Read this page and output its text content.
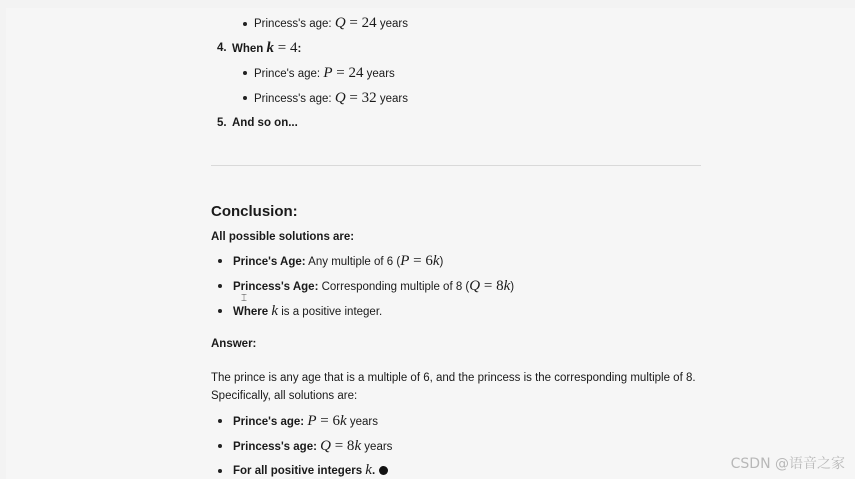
Princess's age: Q = 24 years
4. When k = 4:
Prince's age: P = 24 years
Princess's age: Q = 32 years
5. And so on...
Conclusion:
All possible solutions are:
Prince's Age: Any multiple of 6 (P = 6k)
Princess's Age: Corresponding multiple of 8 (Q = 8k)
⌶
Where k is a positive integer.
Answer:
The prince is any age that is a multiple of 6, and the princess is the corresponding multiple of 8.
Specifically, all solutions are:
Prince's age: P = 6k years
Princess's age: Q = 8k years
For all positive integers k.	CSDN @语音之家
